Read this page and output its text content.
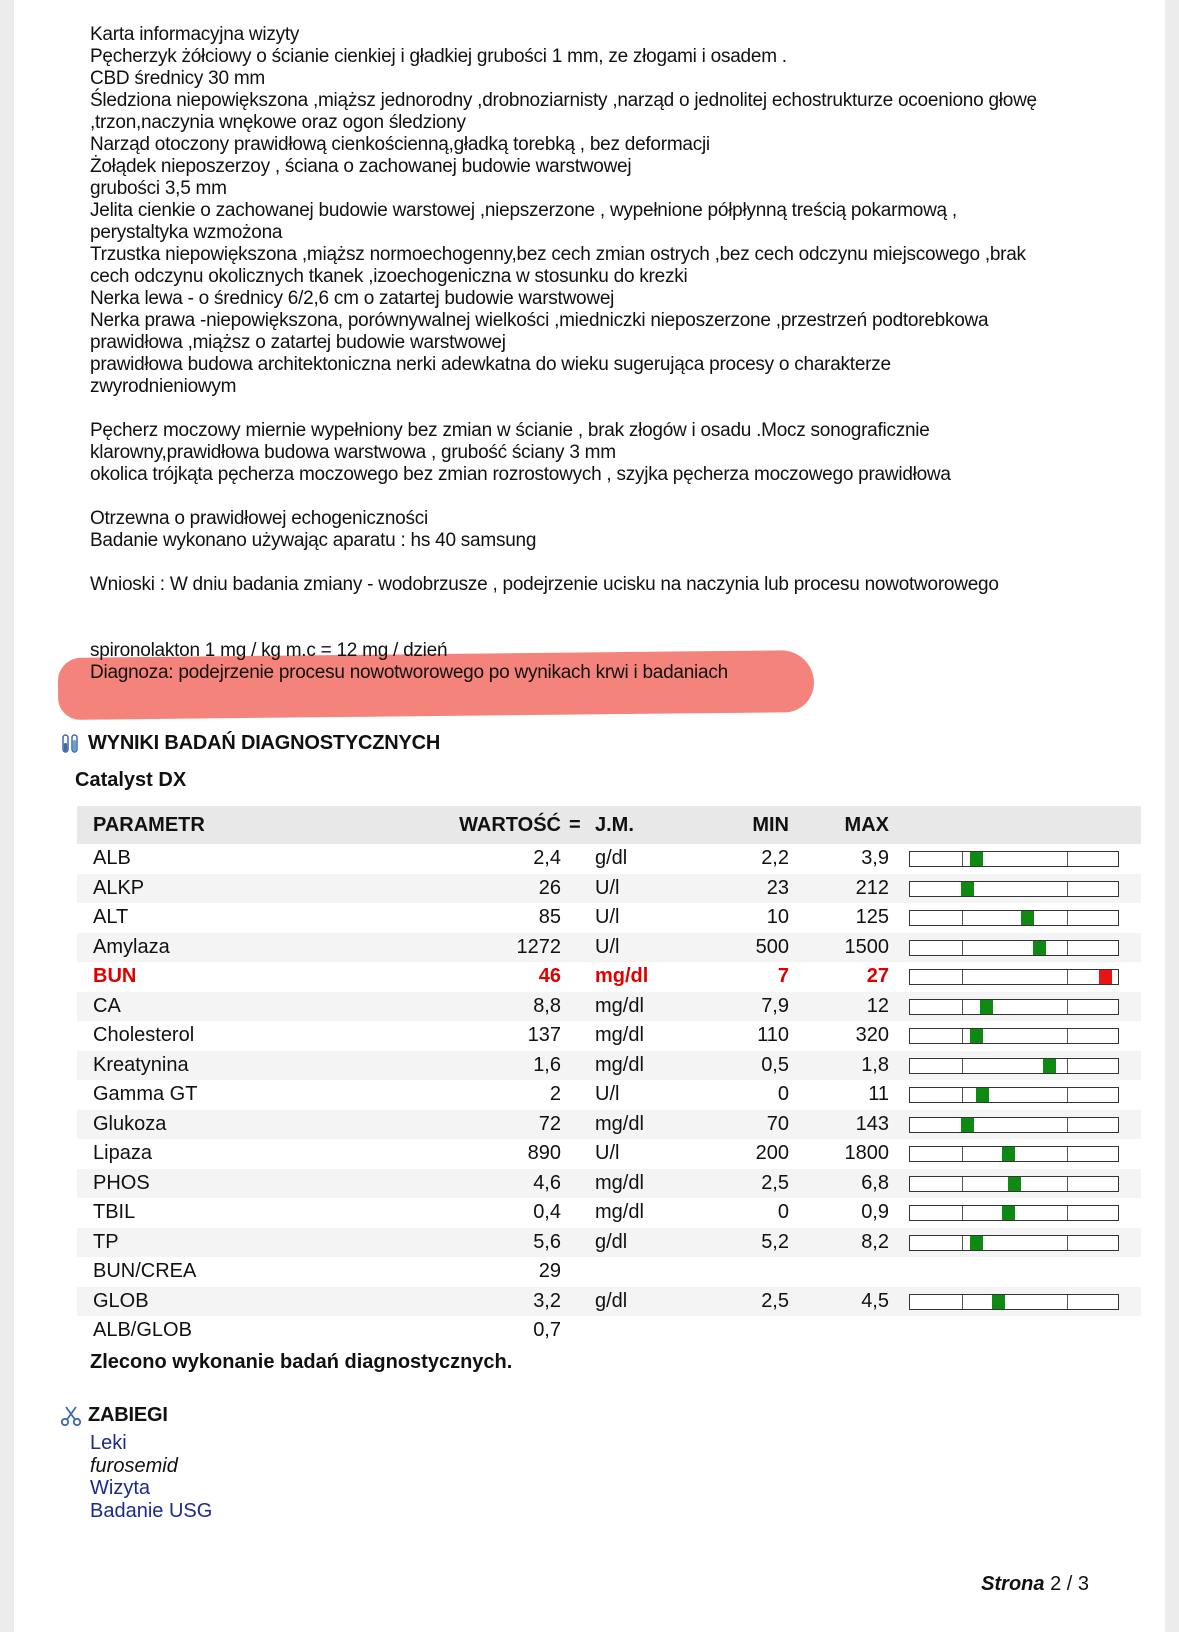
Karta informacyjna wizyty
Pęcherzyk żółciowy o ścianie cienkiej i gładkiej grubości 1 mm, ze złogami i osadem .
CBD średnicy 30 mm
Śledziona niepowiększona ,miąższ jednorodny ,drobnoziarnisty ,narząd o jednolitej echostrukturze ocoeniono głowę
,trzon,naczynia wnękowe oraz ogon śledziony
Narząd otoczony prawidłową cienkościenną,gładką torebką , bez deformacji
Żołądek nieposzerzoy , ściana o zachowanej budowie warstwowej
grubości 3,5 mm
Jelita cienkie o zachowanej budowie warstowej ,niepszerzone , wypełnione półpłynną treścią pokarmową ,
perystaltyka wzmożona
Trzustka niepowiększona ,miąższ normoechogenny,bez cech zmian ostrych ,bez cech odczynu miejscowego ,brak
cech odczynu okolicznych tkanek ,izoechogeniczna w stosunku do krezki
Nerka lewa - o średnicy 6/2,6 cm o zatartej budowie warstwowej
Nerka prawa -niepowiększona, porównywalnej wielkości ,miedniczki nieposzerzone ,przestrzeń podtorebkowa
prawidłowa ,miąższ o zatartej budowie warstwowej
prawidłowa budowa architektoniczna nerki adewkatna do wieku sugerująca procesy o charakterze
zwyrodnieniowym
Pęcherz moczowy miernie wypełniony bez zmian w ścianie , brak złogów i osadu .Mocz sonograficznie
klarowny,prawidłowa budowa warstwowa , grubość ściany 3 mm
okolica trójkąta pęcherza moczowego bez zmian rozrostowych , szyjka pęcherza moczowego prawidłowa
Otrzewna o prawidłowej echogeniczności
Badanie wykonano używając aparatu : hs 40 samsung
Wnioski : W dniu badania zmiany - wodobrzusze , podejrzenie ucisku na naczynia lub procesu nowotworowego
spironolakton 1 mg / kg m.c = 12 mg / dzień
Diagnoza: podejrzenie procesu nowotworowego po wynikach krwi i badaniach
WYNIKI BADAŃ DIAGNOSTYCZNYCH
Catalyst DX
PARAMETR	WARTOŚĆ = J.M.	MIN	MAX
ALB	2,4 g/dl	2,2	3,9
ALKP	26 U/l	23	212
ALT	85 U/l	10	125
Amylaza	1272 U/l	500	1500
BUN	46 mg/dl	7	27
CA	8,8 mg/dl	7,9	12
Cholesterol	137 mg/dl	110	320
Kreatynina	1,6 mg/dl	0,5	1,8
Gamma GT	2 U/l	0	11
Glukoza	72 mg/dl	70	143
Lipaza	890 U/l	200	1800
PHOS	4,6 mg/dl	2,5	6,8
TBIL	0,4 mg/dl	0	0,9
TP	5,6 g/dl	5,2	8,2
BUN/CREA	29
GLOB	3,2 g/dl	2,5	4,5
ALB/GLOB	0,7
Zlecono wykonanie badań diagnostycznych.
ZABIEGI
Leki
furosemid
Wizyta
Badanie USG
Strona 2 / 3
